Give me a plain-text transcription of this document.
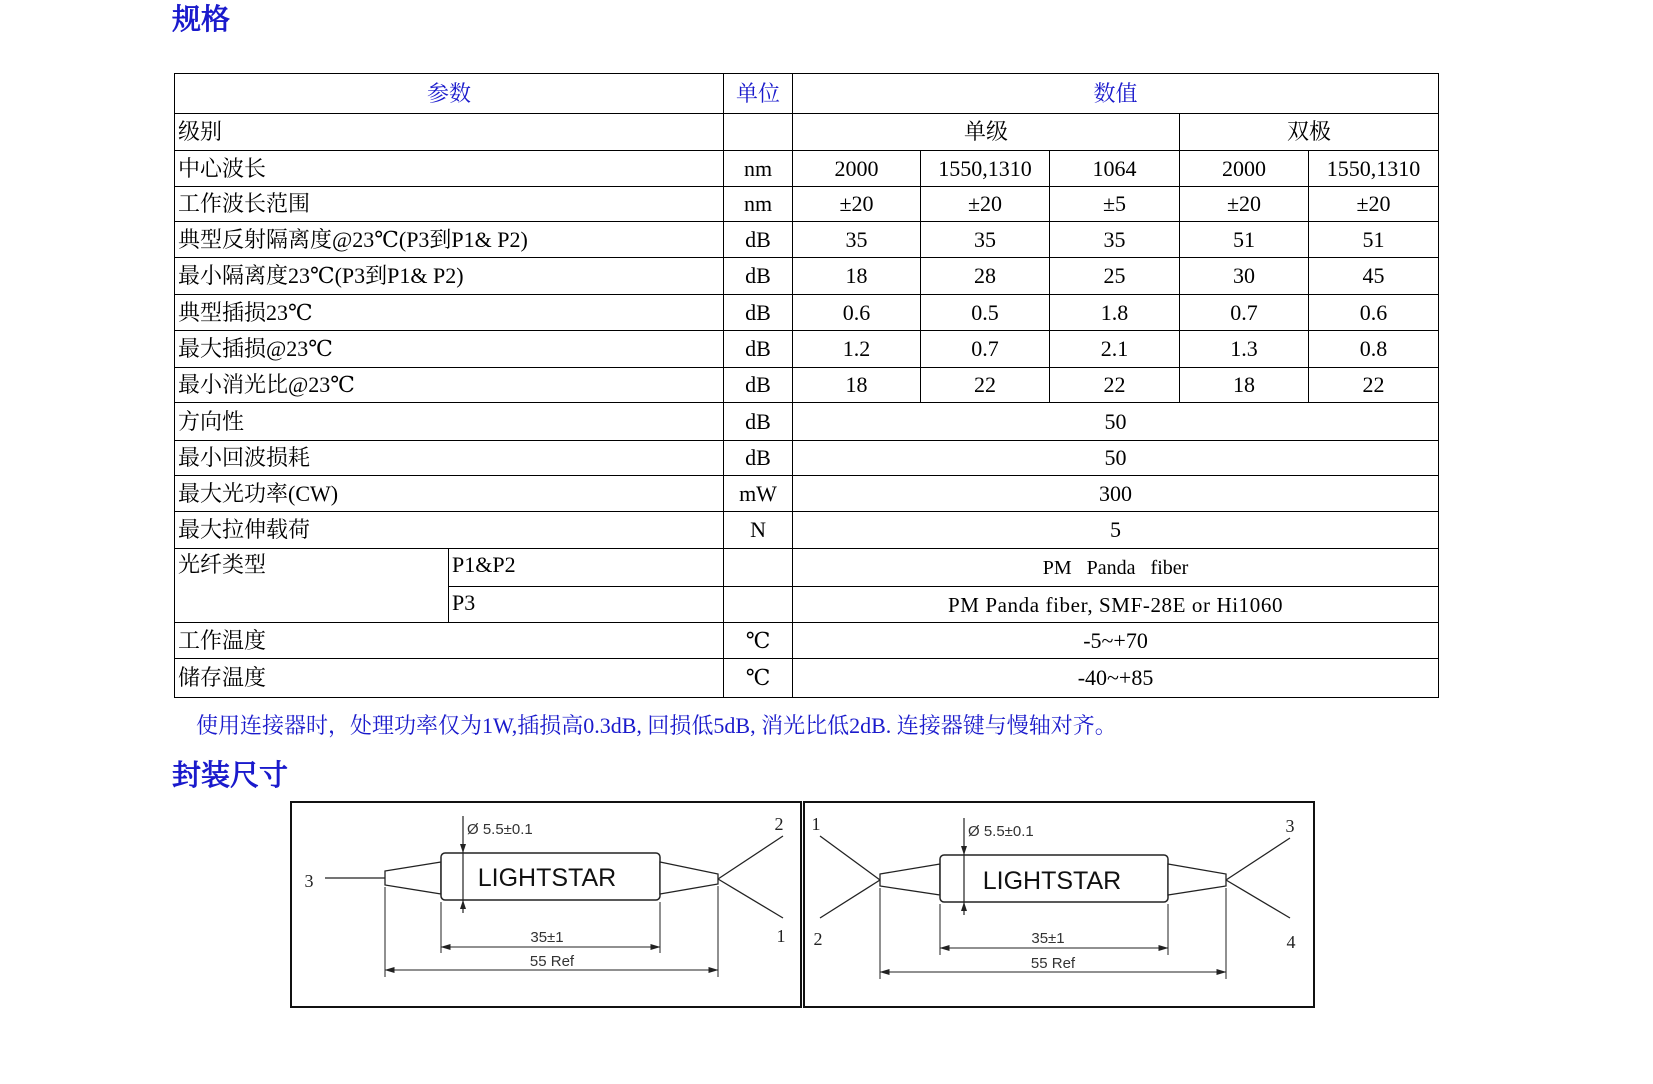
规格
参数		单位	数值				
级别			单级			双极	
中心波长		nm	2000	1550,1310	1064	2000	1550,1310
工作波长范围		nm	±20	±20	±5	±20	±20
典型反射隔离度@23℃(P3到P1& P2)		dB	35	35	35	51	51
最小隔离度23℃(P3到P1& P2)		dB	18	28	25	30	45
典型插损23℃		dB	0.6	0.5	1.8	0.7	0.6
最大插损@23℃		dB	1.2	0.7	2.1	1.3	0.8
最小消光比@23℃		dB	18	22	22	18	22
方向性		dB	50				
最小回波损耗		dB	50				
最大光功率(CW)		mW	300				
最大拉伸载荷		N	5				
光纤类型	P1&P2		PM   Panda   fiber				
	P3		PM Panda fiber, SMF-28E or Hi1060				
工作温度		℃	-5~+70				
储存温度		℃	-40~+85				
使用连接器时，处理功率仅为1W,插损高0.3dB, 回损低5dB, 消光比低2dB. 连接器键与慢轴对齐。
封装尺寸
3
2
1
LIGHTSTAR
Ø 5.5±0.1
35±1
55 Ref
1
2
3
4
LIGHTSTAR
Ø 5.5±0.1
35±1
55 Ref
